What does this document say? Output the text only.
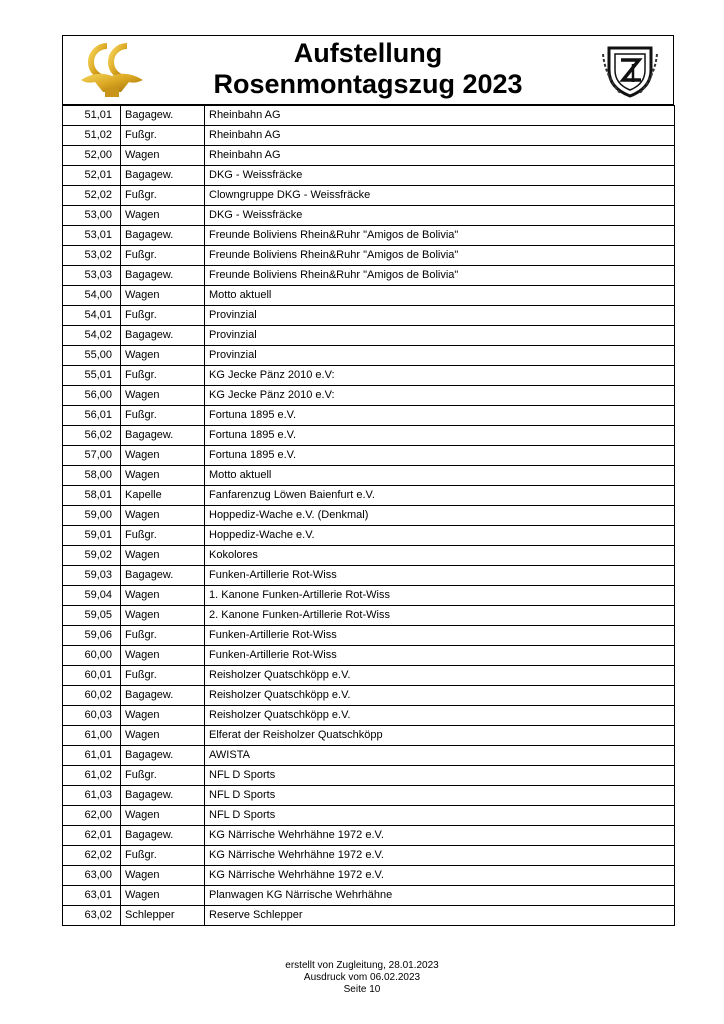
Aufstellung
Rosenmontagszug 2023
51,01	Bagagew.	Rheinbahn AG
51,02	Fußgr.	Rheinbahn AG
52,00	Wagen	Rheinbahn AG
52,01	Bagagew.	DKG - Weissfräcke
52,02	Fußgr.	Clowngruppe DKG - Weissfräcke
53,00	Wagen	DKG - Weissfräcke
53,01	Bagagew.	Freunde Boliviens Rhein&Ruhr "Amigos de Bolivia"
53,02	Fußgr.	Freunde Boliviens Rhein&Ruhr "Amigos de Bolivia"
53,03	Bagagew.	Freunde Boliviens Rhein&Ruhr "Amigos de Bolivia"
54,00	Wagen	Motto aktuell
54,01	Fußgr.	Provinzial
54,02	Bagagew.	Provinzial
55,00	Wagen	Provinzial
55,01	Fußgr.	KG Jecke Pänz 2010 e.V:
56,00	Wagen	KG Jecke Pänz 2010 e.V:
56,01	Fußgr.	Fortuna 1895 e.V.
56,02	Bagagew.	Fortuna 1895 e.V.
57,00	Wagen	Fortuna 1895 e.V.
58,00	Wagen	Motto aktuell
58,01	Kapelle	Fanfarenzug Löwen Baienfurt e.V.
59,00	Wagen	Hoppediz-Wache e.V. (Denkmal)
59,01	Fußgr.	Hoppediz-Wache e.V.
59,02	Wagen	Kokolores
59,03	Bagagew.	Funken-Artillerie Rot-Wiss
59,04	Wagen	1. Kanone Funken-Artillerie Rot-Wiss
59,05	Wagen	2. Kanone Funken-Artillerie Rot-Wiss
59,06	Fußgr.	Funken-Artillerie Rot-Wiss
60,00	Wagen	Funken-Artillerie Rot-Wiss
60,01	Fußgr.	Reisholzer Quatschköpp e.V.
60,02	Bagagew.	Reisholzer Quatschköpp e.V.
60,03	Wagen	Reisholzer Quatschköpp e.V.
61,00	Wagen	Elferat der Reisholzer Quatschköpp
61,01	Bagagew.	AWISTA
61,02	Fußgr.	NFL D Sports
61,03	Bagagew.	NFL D Sports
62,00	Wagen	NFL D Sports
62,01	Bagagew.	KG Närrische Wehrhähne 1972 e.V.
62,02	Fußgr.	KG Närrische Wehrhähne 1972 e.V.
63,00	Wagen	KG Närrische Wehrhähne 1972 e.V.
63,01	Wagen	Planwagen KG Närrische Wehrhähne
63,02	Schlepper	Reserve Schlepper
erstellt von Zugleitung, 28.01.2023
Ausdruck vom 06.02.2023
Seite 10
